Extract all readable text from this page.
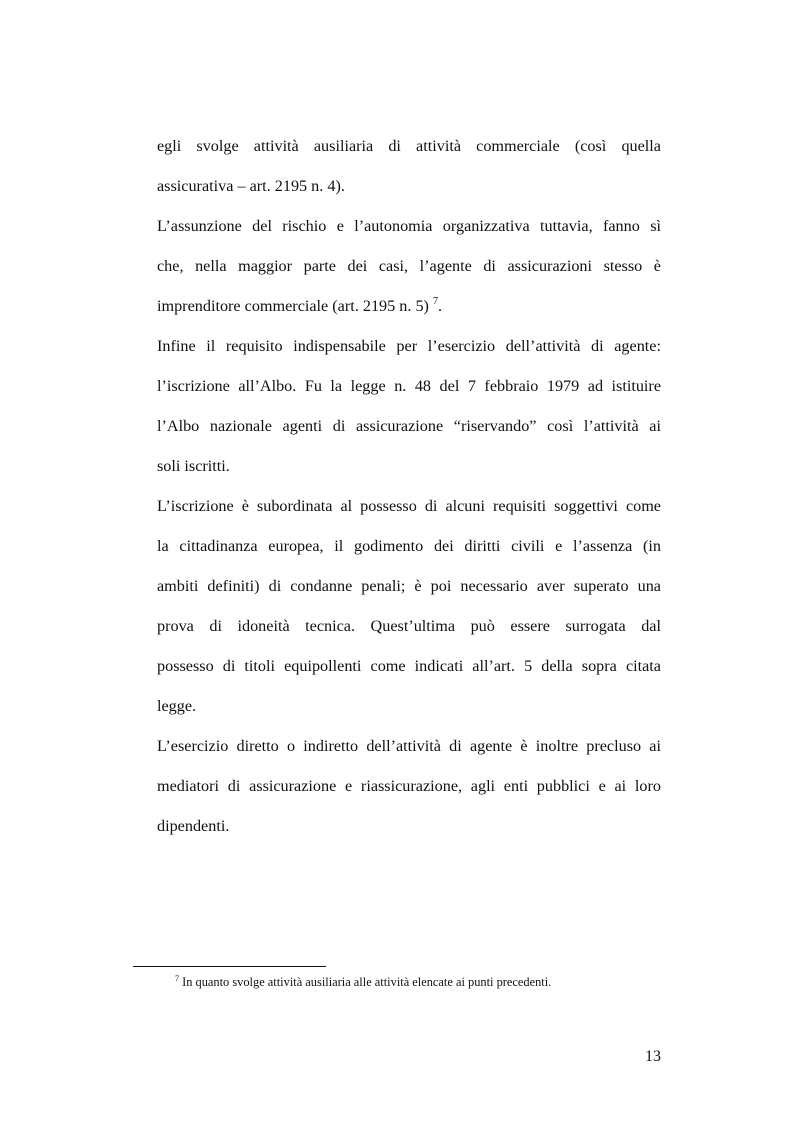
egli svolge attività ausiliaria di attività commerciale (così quella
assicurativa – art. 2195 n. 4).

L’assunzione del rischio e l’autonomia organizzativa tuttavia, fanno sì
che, nella maggior parte dei casi, l’agente di assicurazioni stesso è
imprenditore commerciale (art. 2195 n. 5) $^7$.

Infine il requisito indispensabile per l’esercizio dell’attività di agente:
l’iscrizione all’Albo. Fu la legge n. 48 del 7 febbraio 1979 ad istituire
l’Albo nazionale agenti di assicurazione “riservando” così l’attività ai
soli iscritti.

L’iscrizione è subordinata al possesso di alcuni requisiti soggettivi come
la cittadinanza europea, il godimento dei diritti civili e l’assenza (in
ambiti definiti) di condanne penali; è poi necessario aver superato una
prova di idoneità tecnica. Quest’ultima può essere surrogata dal
possesso di titoli equipollenti come indicati all’art. 5 della sopra citata
legge.

L’esercizio diretto o indiretto dell’attività di agente è inoltre precluso ai
mediatori di assicurazione e riassicurazione, agli enti pubblici e ai loro
dipendenti.

$^7$ In quanto svolge attività ausiliaria alle attività elencate ai punti precedenti.
13
